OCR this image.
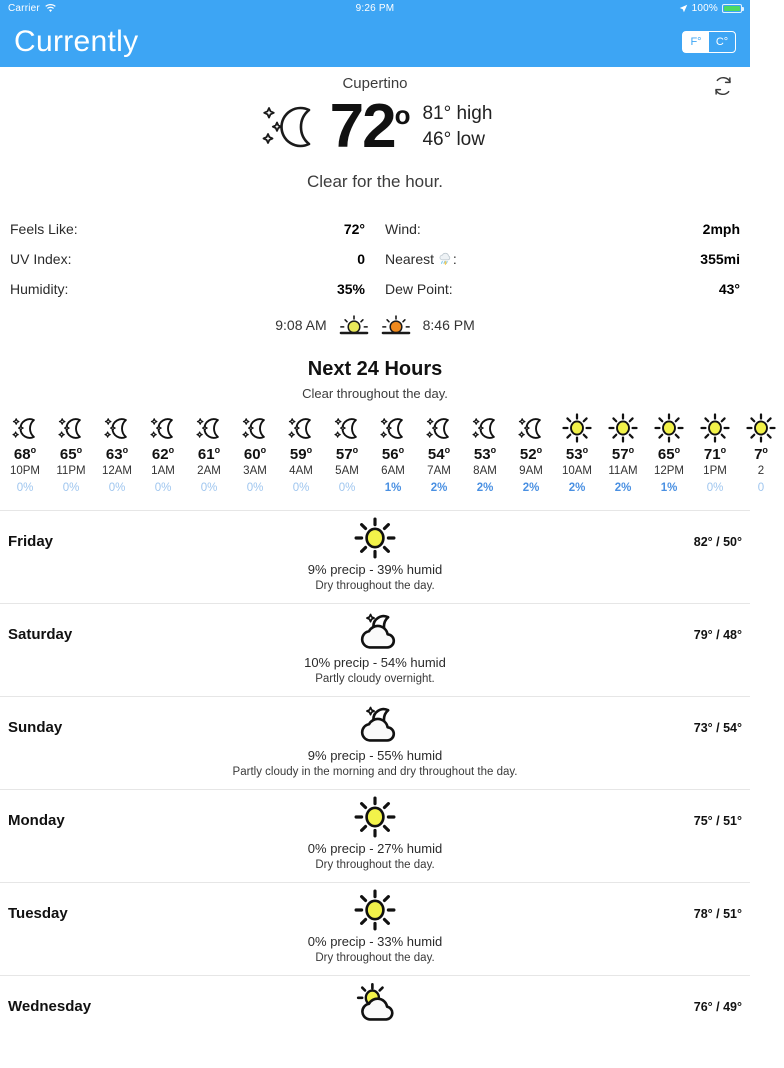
Carrier	9:26 PM	100%
Currently	F°	C°
Cupertino
72$^o$ 81° high
46° low
Clear for the hour.
Feels Like:	72°
UV Index:	0
Humidity:	35%
Wind:	2mph
Nearest :	355mi
Dew Point:	43°
9:08 AM	8:46 PM
Next 24 Hours
Clear throughout the day.
68$^o$
10PM
0%
65$^o$
11PM
0%
63$^o$
12AM
0%
62$^o$
1AM
0%
61$^o$
2AM
0%
60$^o$
3AM
0%
59$^o$
4AM
0%
57$^o$
5AM
0%
56$^o$
6AM
1%
54$^o$
7AM
2%
53$^o$
8AM
2%
52$^o$
9AM
2%
53$^o$
10AM
2%
57$^o$
11AM
2%
65$^o$
12PM
1%
71$^o$
1PM
0%
7$^o$
2
0
Friday	82° / 50°
9% precip - 39% humid
Dry throughout the day.
Saturday	79° / 48°
10% precip - 54% humid
Partly cloudy overnight.
Sunday	73° / 54°
9% precip - 55% humid
Partly cloudy in the morning and dry throughout the day.
Monday	75° / 51°
0% precip - 27% humid
Dry throughout the day.
Tuesday	78° / 51°
0% precip - 33% humid
Dry throughout the day.
Wednesday	76° / 49°
